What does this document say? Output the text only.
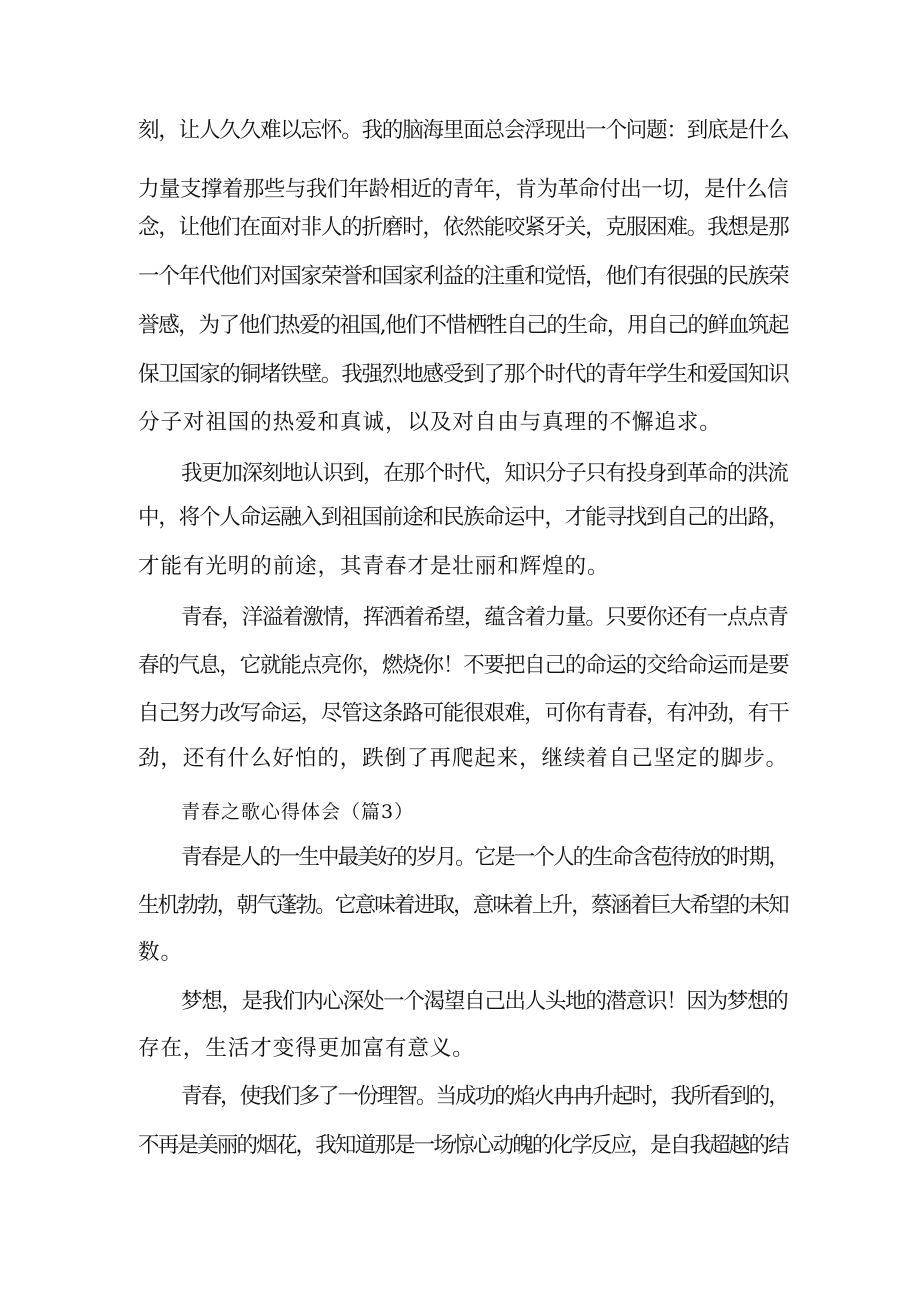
刻，让人久久难以忘怀。我的脑海里面总会浮现出一个问题：到底是什么
力量支撑着那些与我们年龄相近的青年，肯为革命付出一切，是什么信
念，让他们在面对非人的折磨时，依然能咬紧牙关，克服困难。我想是那
一个年代他们对国家荣誉和国家利益的注重和觉悟，他们有很强的民族荣
誉感，为了他们热爱的祖国,他们不惜栖牲自己的生命，用自己的鲜血筑起
保卫国家的铜堵铁壁。我强烈地感受到了那个时代的青年学生和爱国知识
分子对祖国的热爱和真诚，以及对自由与真理的不懈追求。
我更加深刻地认识到，在那个时代，知识分子只有投身到革命的洪流
中，将个人命运融入到祖国前途和民族命运中，才能寻找到自己的出路，
才能有光明的前途，其青春才是壮丽和辉煌的。
青春，洋溢着激情，挥洒着希望，蕴含着力量。只要你还有一点点青
春的气息，它就能点亮你，燃烧你！不要把自己的命运的交给命运而是要
自己努力改写命运，尽管这条路可能很艰难，可你有青春，有冲劲，有干
劲，还有什么好怕的，跌倒了再爬起来，继续着自己坚定的脚步。
青春之歌心得体会（篇3）
青春是人的一生中最美好的岁月。它是一个人的生命含苞待放的时期，
生机勃勃，朝气蓬勃。它意味着进取，意味着上升，蔡涵着巨大希望的未知
数。
梦想，是我们内心深处一个渴望自己出人头地的潜意识！因为梦想的
存在，生活才变得更加富有意义。
青春，使我们多了一份理智。当成功的焰火冉冉升起时，我所看到的，
不再是美丽的烟花，我知道那是一场惊心动魄的化学反应，是自我超越的结
